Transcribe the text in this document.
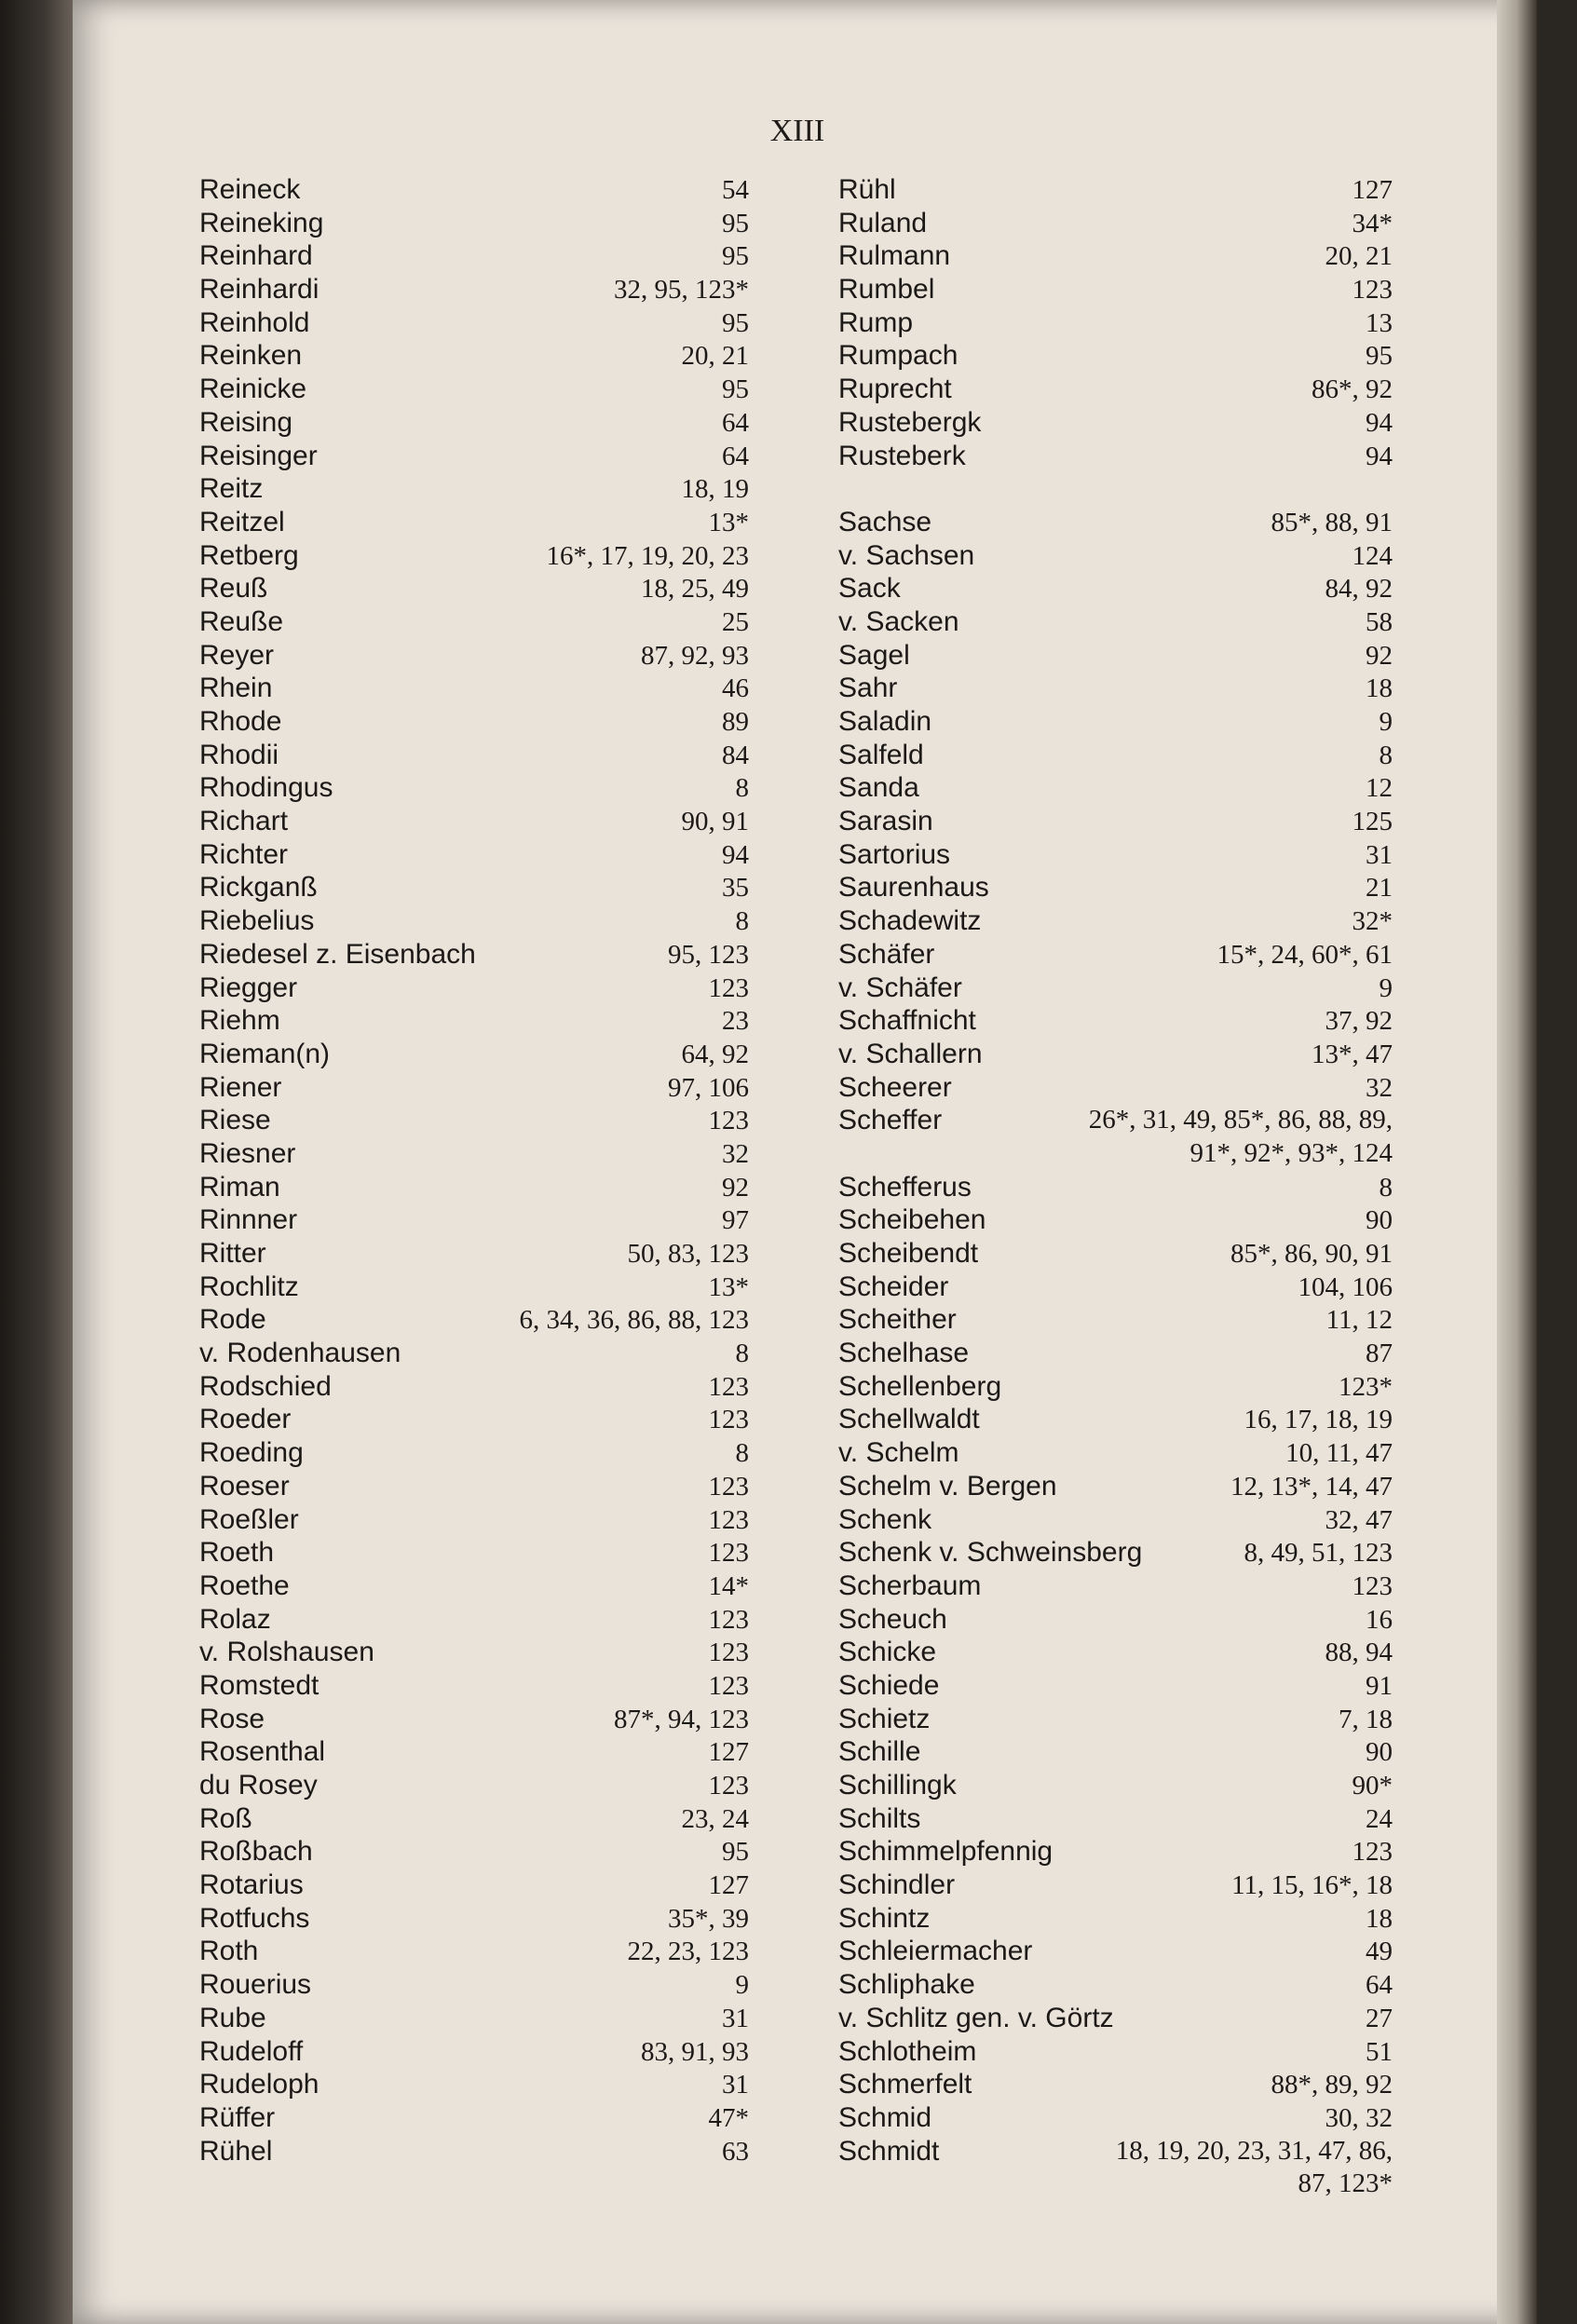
XIII
Reineck	54
Reineking	95
Reinhard	95
Reinhardi	32, 95, 123*
Reinhold	95
Reinken	20, 21
Reinicke	95
Reising	64
Reisinger	64
Reitz	18, 19
Reitzel	13*
Retberg	16*, 17, 19, 20, 23
Reuß	18, 25, 49
Reuße	25
Reyer	87, 92, 93
Rhein	46
Rhode	89
Rhodii	84
Rhodingus	8
Richart	90, 91
Richter	94
Rickganß	35
Riebelius	8
Riedesel z. Eisenbach	95, 123
Riegger	123
Riehm	23
Rieman(n)	64, 92
Riener	97, 106
Riese	123
Riesner	32
Riman	92
Rinnner	97
Ritter	50, 83, 123
Rochlitz	13*
Rode	6, 34, 36, 86, 88, 123
v. Rodenhausen	8
Rodschied	123
Roeder	123
Roeding	8
Roeser	123
Roeßler	123
Roeth	123
Roethe	14*
Rolaz	123
v. Rolshausen	123
Romstedt	123
Rose	87*, 94, 123
Rosenthal	127
du Rosey	123
Roß	23, 24
Roßbach	95
Rotarius	127
Rotfuchs	35*, 39
Roth	22, 23, 123
Rouerius	9
Rube	31
Rudeloff	83, 91, 93
Rudeloph	31
Rüffer	47*
Rühel	63
Rühl	127
Ruland	34*
Rulmann	20, 21
Rumbel	123
Rump	13
Rumpach	95
Ruprecht	86*, 92
Rustebergk	94
Rusteberk	94
Sachse	85*, 88, 91
v. Sachsen	124
Sack	84, 92
v. Sacken	58
Sagel	92
Sahr	18
Saladin	9
Salfeld	8
Sanda	12
Sarasin	125
Sartorius	31
Saurenhaus	21
Schadewitz	32*
Schäfer	15*, 24, 60*, 61
v. Schäfer	9
Schaffnicht	37, 92
v. Schallern	13*, 47
Scheerer	32
Scheffer	26*, 31, 49, 85*, 86, 88, 89,
91*, 92*, 93*, 124
Schefferus	8
Scheibehen	90
Scheibendt	85*, 86, 90, 91
Scheider	104, 106
Scheither	11, 12
Schelhase	87
Schellenberg	123*
Schellwaldt	16, 17, 18, 19
v. Schelm	10, 11, 47
Schelm v. Bergen	12, 13*, 14, 47
Schenk	32, 47
Schenk v. Schweinsberg	8, 49, 51, 123
Scherbaum	123
Scheuch	16
Schicke	88, 94
Schiede	91
Schietz	7, 18
Schille	90
Schillingk	90*
Schilts	24
Schimmelpfennig	123
Schindler	11, 15, 16*, 18
Schintz	18
Schleiermacher	49
Schliphake	64
v. Schlitz gen. v. Görtz	27
Schlotheim	51
Schmerfelt	88*, 89, 92
Schmid	30, 32
Schmidt	18, 19, 20, 23, 31, 47, 86,
87, 123*
